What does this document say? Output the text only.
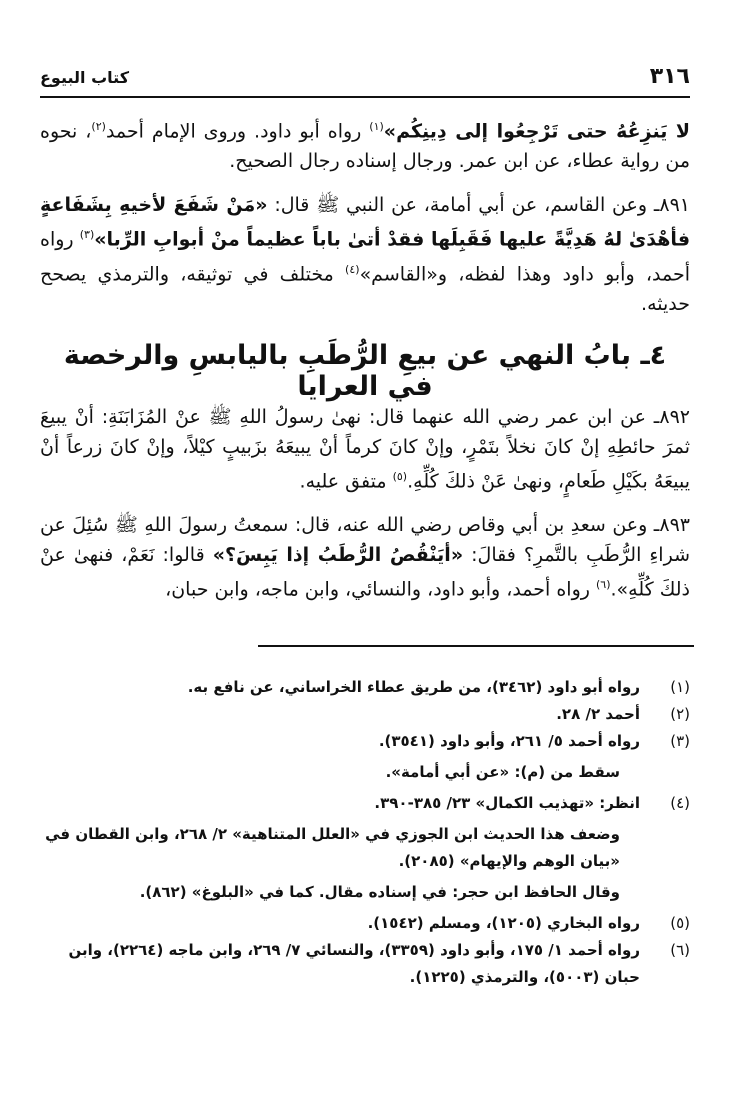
٣١٦
كتاب البيوع

لا يَنزِعُهُ حتى تَرْجِعُوا إلى دِينِكُم»$^{(١)}$ رواه أبو داود. وروى الإمام أحمد$^{(٢)}$، نحوه من رواية عطاء، عن ابن عمر. ورجال إسناده رجال الصحيح.

٨٩١ـ وعن القاسم، عن أبي أمامة، عن النبي ﷺ قال: «مَنْ شَفَعَ لأخيهِ بِشَفَاعةٍ فأهْدَىٰ لهُ هَدِيَّةً عليها فَقَبِلَها فقدْ أتىٰ باباً عظيماً منْ أبوابِ الرِّبا»$^{(٣)}$ رواه أحمد، وأبو داود وهذا لفظه، و«القاسم»$^{(٤)}$ مختلف في توثيقه، والترمذي يصحح حديثه.

٤ـ بابُ النهي عن بيعِ الرُّطَبِ باليابسِ والرخصة في العرايا

٨٩٢ـ عن ابن عمر رضي الله عنهما قال: نهىٰ رسولُ اللهِ ﷺ عنْ المُزَابَنَةِ: أنْ يبيعَ ثمرَ حائطِهِ إنْ كانَ نخلاً بتَمْرٍ، وإنْ كانَ كرماً أنْ يبيعَهُ بزَبيبٍ كيْلاً، وإنْ كانَ زرعاً أنْ يبيعَهُ بكَيْلِ طَعامٍ، ونهىٰ عَنْ ذلكَ كُلِّهِ.$^{(٥)}$ متفق عليه.

٨٩٣ـ وعن سعدِ بن أبي وقاص رضي الله عنه، قال: سمعتُ رسولَ اللهِ ﷺ سُئِلَ عن شراءِ الرُّطَبِ بالتَّمرِ؟ فقالَ: «أيَنْقُصُ الرُّطَبُ إذا يَبِسَ؟» قالوا: نَعَمْ، فنهىٰ عنْ ذلكَ كُلِّهِ».$^{(٦)}$ رواه أحمد، وأبو داود، والنسائي، وابن ماجه، وابن حبان،

(١)
رواه أبو داود (٣٤٦٢)، من طريق عطاء الخراساني، عن نافع به.
(٢)
أحمد ٢/ ٢٨.
(٣)
رواه أحمد ٥/ ٢٦١، وأبو داود (٣٥٤١).
سقط من (م): «عن أبي أمامة».
(٤)
انظر: «تهذيب الكمال» ٢٣/ ٣٨٥-٣٩٠.
وضعف هذا الحديث ابن الجوزي في «العلل المتناهية» ٢/ ٢٦٨، وابن القطان في «بيان الوهم والإيهام» (٢٠٨٥).
وقال الحافظ ابن حجر: في إسناده مقال. كما في «البلوغ» (٨٦٢).
(٥)
رواه البخاري (١٢٠٥)، ومسلم (١٥٤٢).
(٦)
رواه أحمد ١/ ١٧٥، وأبو داود (٣٣٥٩)، والنسائي ٧/ ٢٦٩، وابن ماجه (٢٢٦٤)، وابن حبان (٥٠٠٣)، والترمذي (١٢٢٥).
